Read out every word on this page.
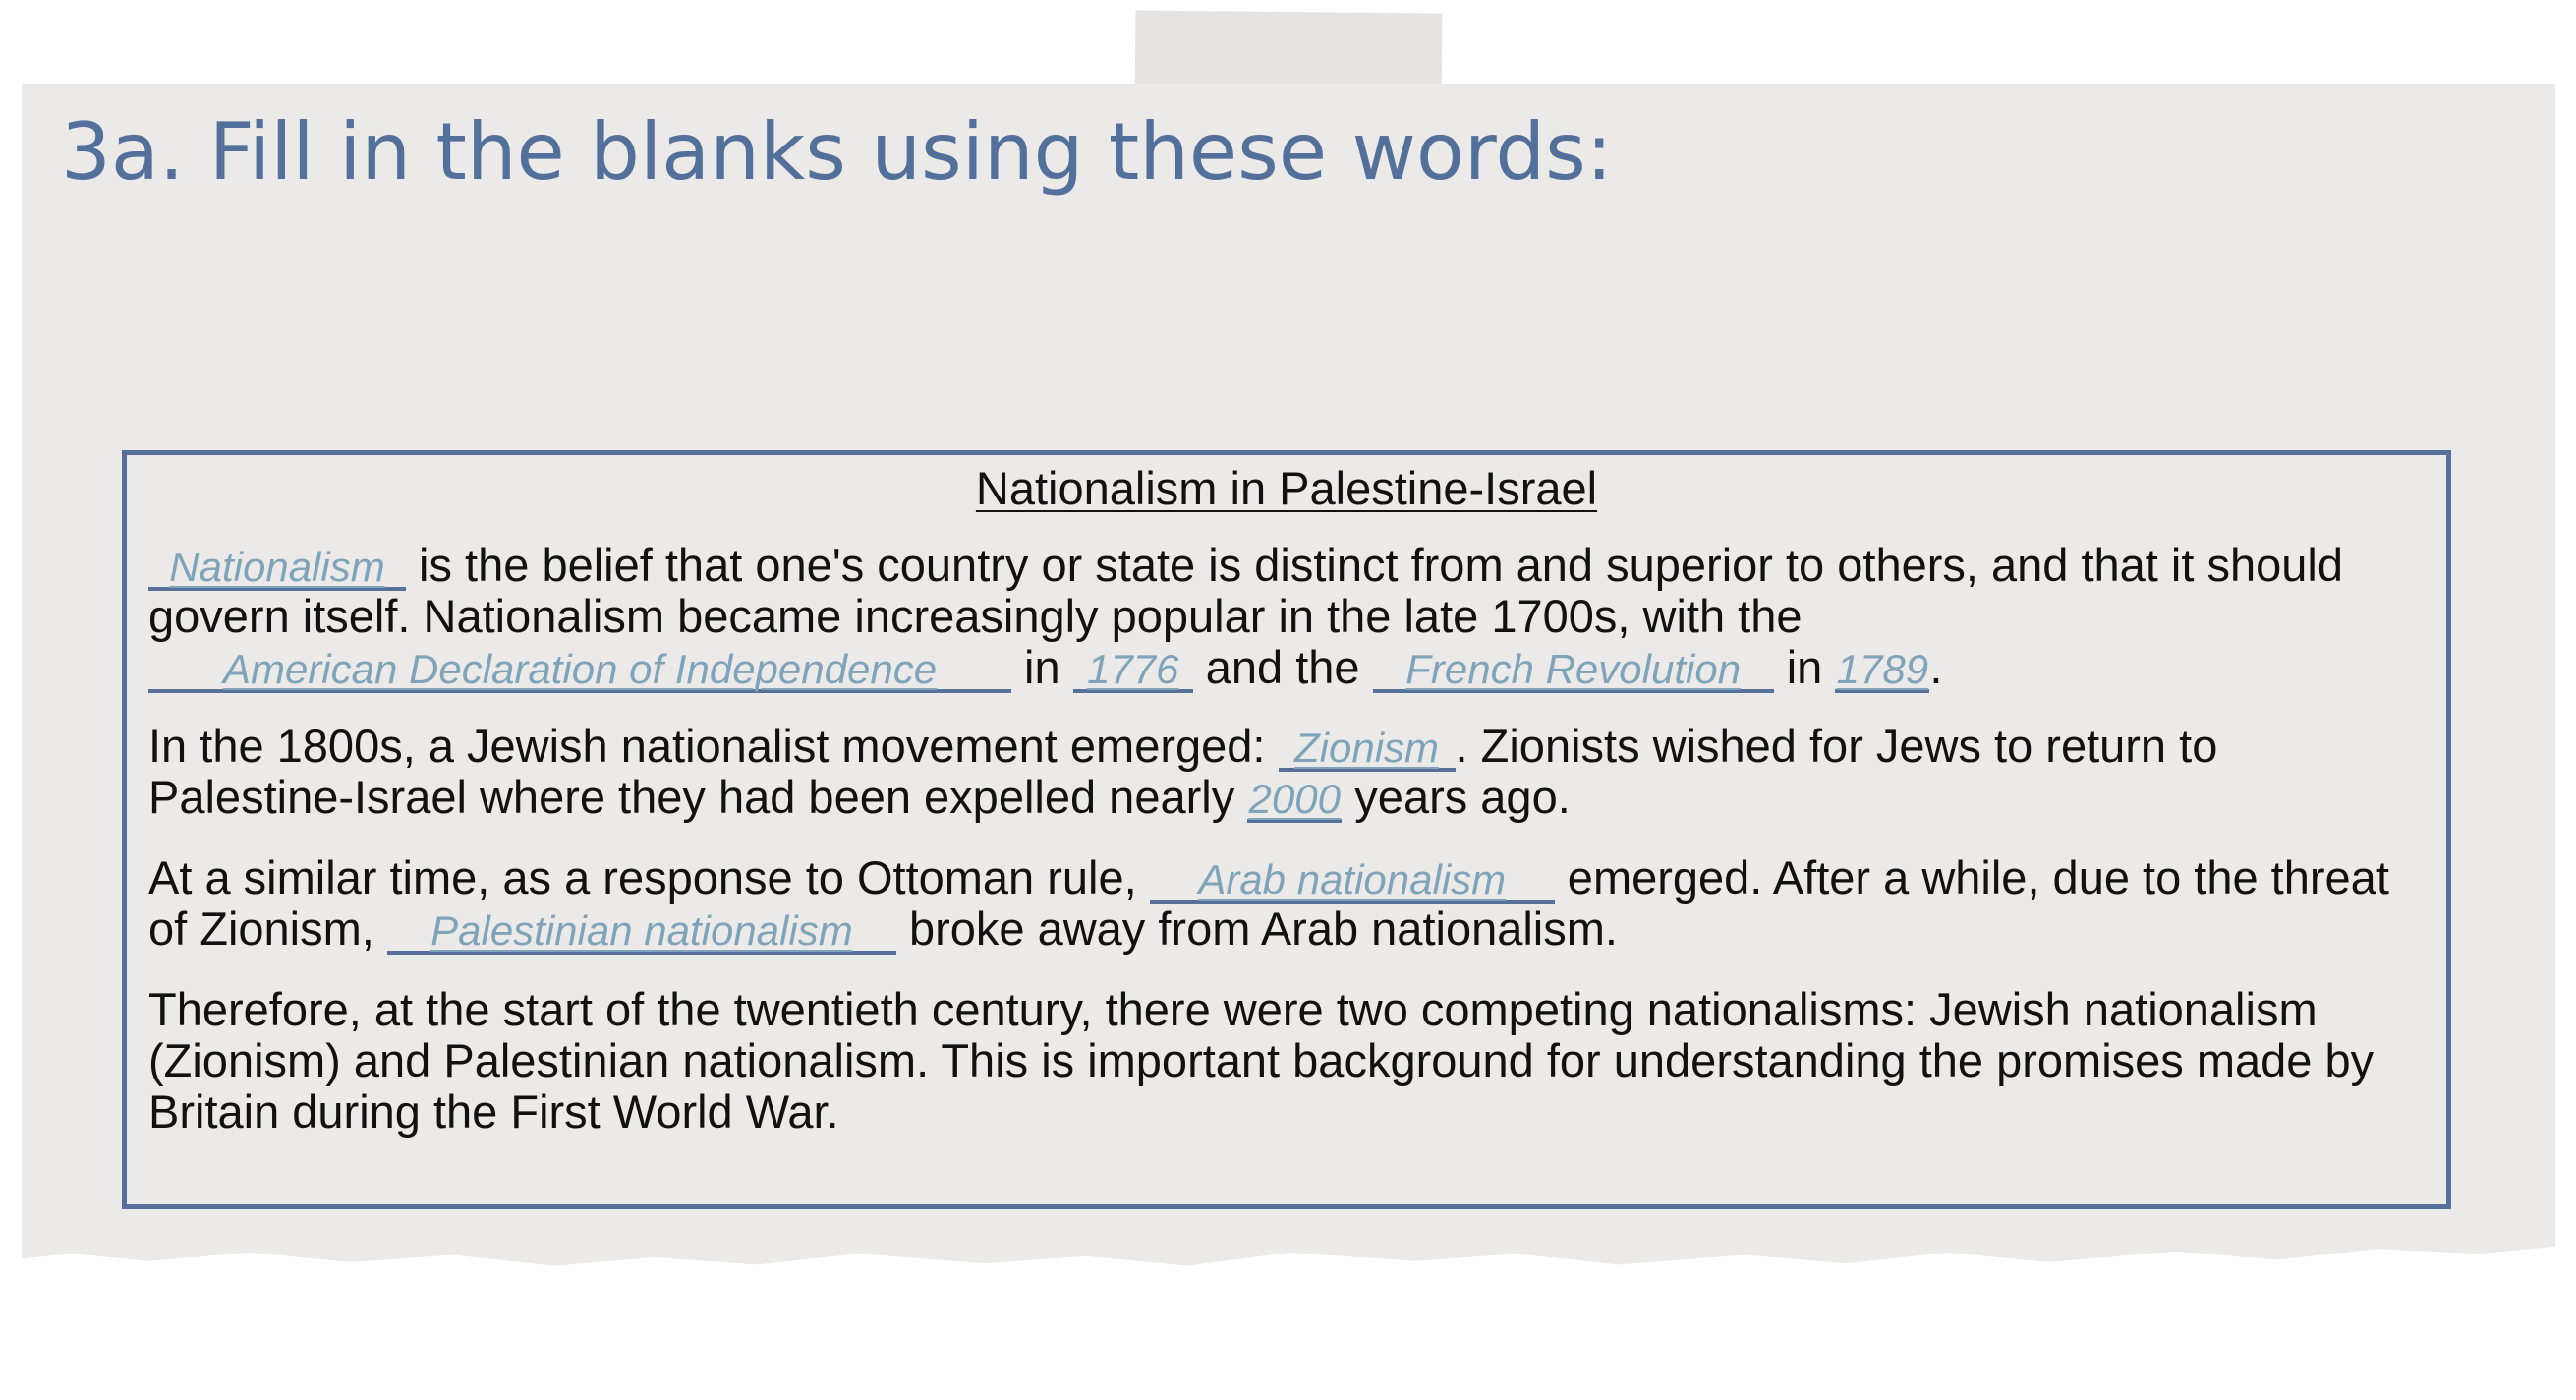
3a. Fill in the blanks using these words:
Nationalism in Palestine-Israel

Nationalism is the belief that one's country or state is distinct from and superior to others, and that it should govern itself. Nationalism became increasingly popular in the late 1700s, with the American Declaration of Independence in 1776 and the French Revolution in 1789.

In the 1800s, a Jewish nationalist movement emerged: Zionism . Zionists wished for Jews to return to Palestine-Israel where they had been expelled nearly 2000 years ago.

At a similar time, as a response to Ottoman rule, Arab nationalism emerged. After a while, due to the threat of Zionism, Palestinian nationalism broke away from Arab nationalism.

Therefore, at the start of the twentieth century, there were two competing nationalisms: Jewish nationalism (Zionism) and Palestinian nationalism. This is important background for understanding the promises made by Britain during the First World War.
